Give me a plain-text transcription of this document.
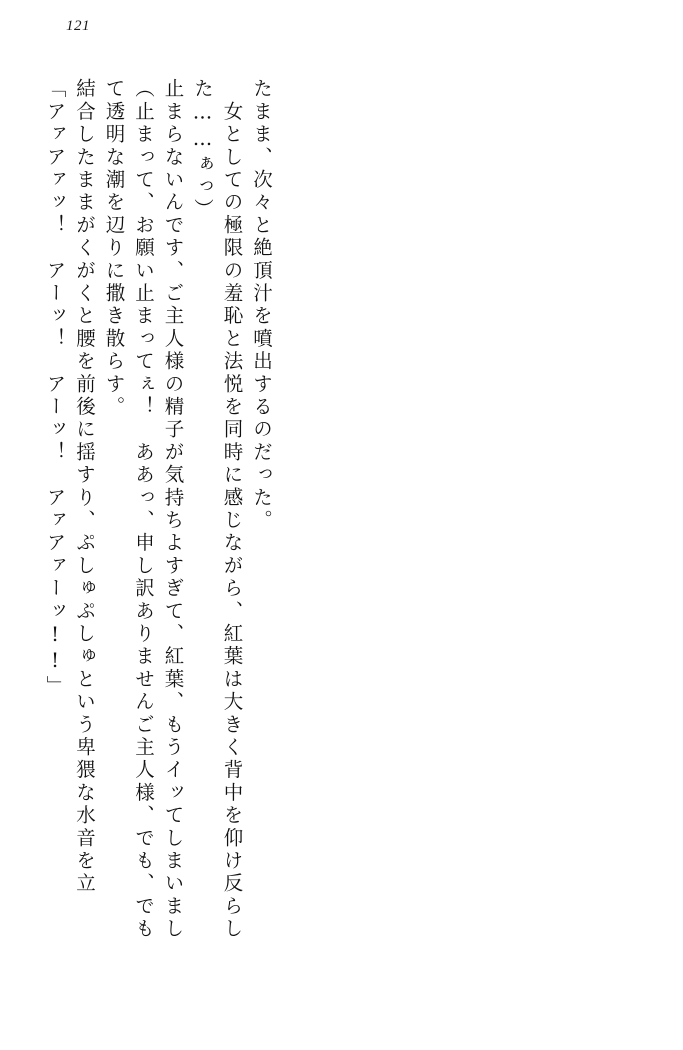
121
「アァアァッ！　アーッ！　アーッ！　アァアァーッ!!」 結合したままがくがくと腰を前後に揺すり、ぷしゅぷしゅという卑猥な水音を立 て透明な潮を辺りに撒き散らす。 （止まって、お願い止まってぇ！　ああっ、申し訳ありませんご主人様、でも、でも 止まらないんです、ご主人様の精子が気持ちよすぎて、紅葉、もうイッてしまいまし た……ぁっ） 　女としての極限の羞恥と法悦を同時に感じながら、紅葉は大きく背中を仰け反らし たまま、次々と絶頂汁を噴出するのだった。
